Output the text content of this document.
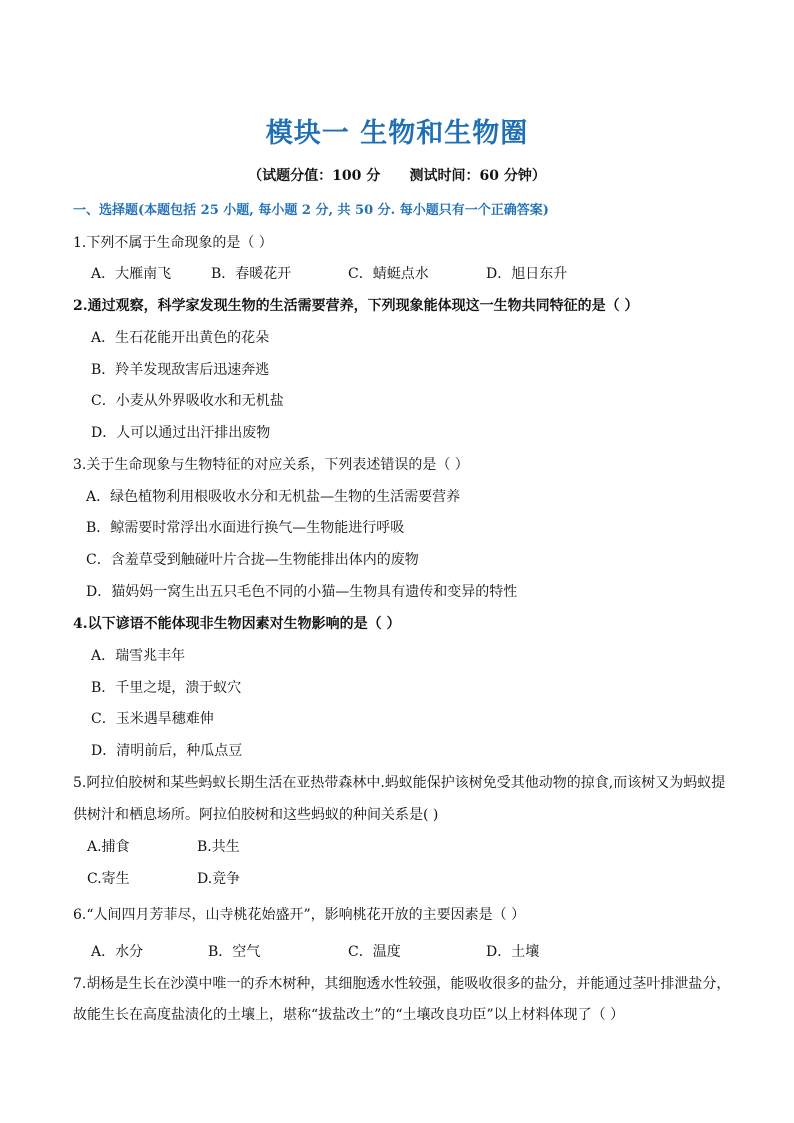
模块一 生物和生物圈
（试题分值：100 分      测试时间：60 分钟）
一、选择题(本题包括 25 小题, 每小题 2 分, 共 50 分. 每小题只有一个正确答案)
1.下列不属于生命现象的是（ ）
A．大雁南飞	B．春暖花开	C．蜻蜓点水	D．旭日东升
2.通过观察，科学家发现生物的生活需要营养，下列现象能体现这一生物共同特征的是（ ）
A．生石花能开出黄色的花朵
B．羚羊发现敌害后迅速奔逃
C．小麦从外界吸收水和无机盐
D．人可以通过出汗排出废物
3.关于生命现象与生物特征的对应关系，下列表述错误的是（ ）
A．绿色植物利用根吸收水分和无机盐—生物的生活需要营养
B．鲸需要时常浮出水面进行换气—生物能进行呼吸
C．含羞草受到触碰叶片合拢—生物能排出体内的废物
D．猫妈妈一窝生出五只毛色不同的小猫—生物具有遗传和变异的特性
4.以下谚语不能体现非生物因素对生物影响的是（ ）
A．瑞雪兆丰年
B．千里之堤，溃于蚁穴
C．玉米遇旱穗难伸
D．清明前后，种瓜点豆
5.阿拉伯胶树和某些蚂蚁长期生活在亚热带森林中.蚂蚁能保护该树免受其他动物的掠食,而该树又为蚂蚁提
供树汁和栖息场所。阿拉伯胶树和这些蚂蚁的种间关系是( )
A.捕食	B.共生
C.寄生	D.竞争
6.“人间四月芳菲尽，山寺桃花始盛开”，影响桃花开放的主要因素是（ ）
A．水分	B．空气	C．温度	D．土壤
7.胡杨是生长在沙漠中唯一的乔木树种，其细胞透水性较强，能吸收很多的盐分，并能通过茎叶排泄盐分，
故能生长在高度盐渍化的土壤上，堪称“拔盐改土”的“土壤改良功臣”以上材料体现了（ ）
